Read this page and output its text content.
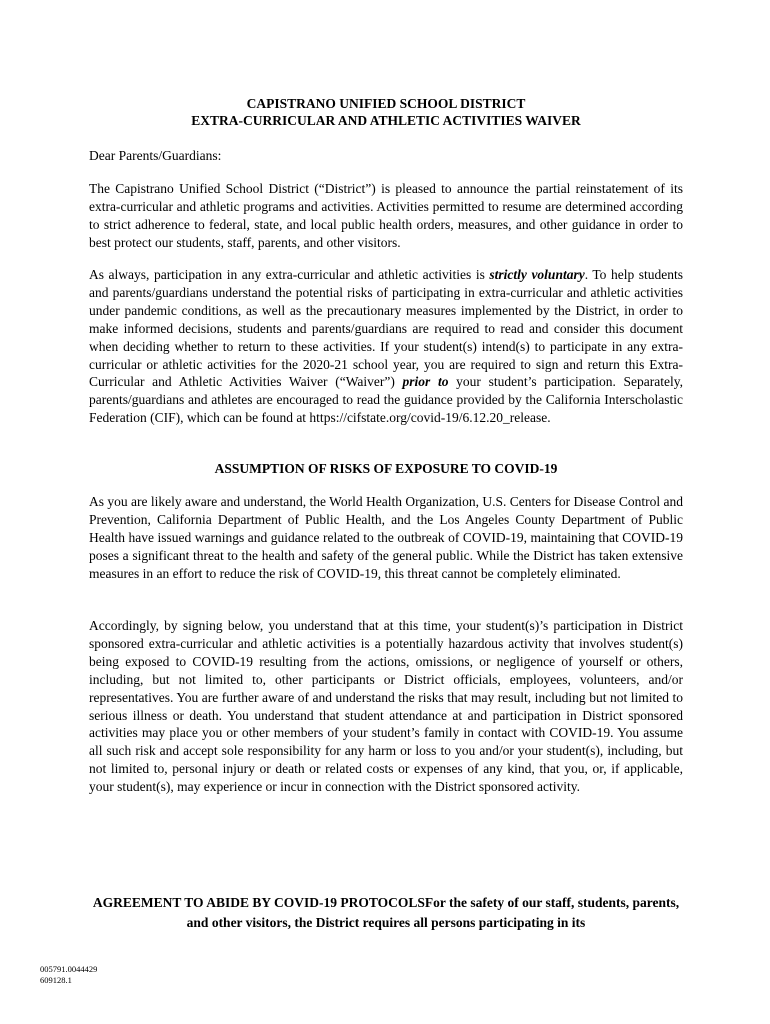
CAPISTRANO UNIFIED SCHOOL DISTRICT
EXTRA-CURRICULAR AND ATHLETIC ACTIVITIES WAIVER
Dear Parents/Guardians:
The Capistrano Unified School District (“District”) is pleased to announce the partial reinstatement of its extra-curricular and athletic programs and activities. Activities permitted to resume are determined according to strict adherence to federal, state, and local public health orders, measures, and other guidance in order to best protect our students, staff, parents, and other visitors.
As always, participation in any extra-curricular and athletic activities is strictly voluntary. To help students and parents/guardians understand the potential risks of participating in extra-curricular and athletic activities under pandemic conditions, as well as the precautionary measures implemented by the District, in order to make informed decisions, students and parents/guardians are required to read and consider this document when deciding whether to return to these activities. If your student(s) intend(s) to participate in any extra-curricular or athletic activities for the 2020-21 school year, you are required to sign and return this Extra-Curricular and Athletic Activities Waiver (“Waiver”) prior to your student’s participation. Separately, parents/guardians and athletes are encouraged to read the guidance provided by the California Interscholastic Federation (CIF), which can be found at https://cifstate.org/covid-19/6.12.20_release.
ASSUMPTION OF RISKS OF EXPOSURE TO COVID-19
As you are likely aware and understand, the World Health Organization, U.S. Centers for Disease Control and Prevention, California Department of Public Health, and the Los Angeles County Department of Public Health have issued warnings and guidance related to the outbreak of COVID-19, maintaining that COVID-19 poses a significant threat to the health and safety of the general public. While the District has taken extensive measures in an effort to reduce the risk of COVID-19, this threat cannot be completely eliminated.
Accordingly, by signing below, you understand that at this time, your student(s)’s participation in District sponsored extra-curricular and athletic activities is a potentially hazardous activity that involves student(s) being exposed to COVID-19 resulting from the actions, omissions, or negligence of yourself or others, including, but not limited to, other participants or District officials, employees, volunteers, and/or representatives. You are further aware of and understand the risks that may result, including but not limited to serious illness or death. You understand that student attendance at and participation in District sponsored activities may place you or other members of your student’s family in contact with COVID-19. You assume all such risk and accept sole responsibility for any harm or loss to you and/or your student(s), including, but not limited to, personal injury or death or related costs or expenses of any kind, that you, or, if applicable, your student(s), may experience or incur in connection with the District sponsored activity.
AGREEMENT TO ABIDE BY COVID-19 PROTOCOLSFor the safety of our staff, students, parents, and other visitors, the District requires all persons participating in its
005791.0044429
609128.1
